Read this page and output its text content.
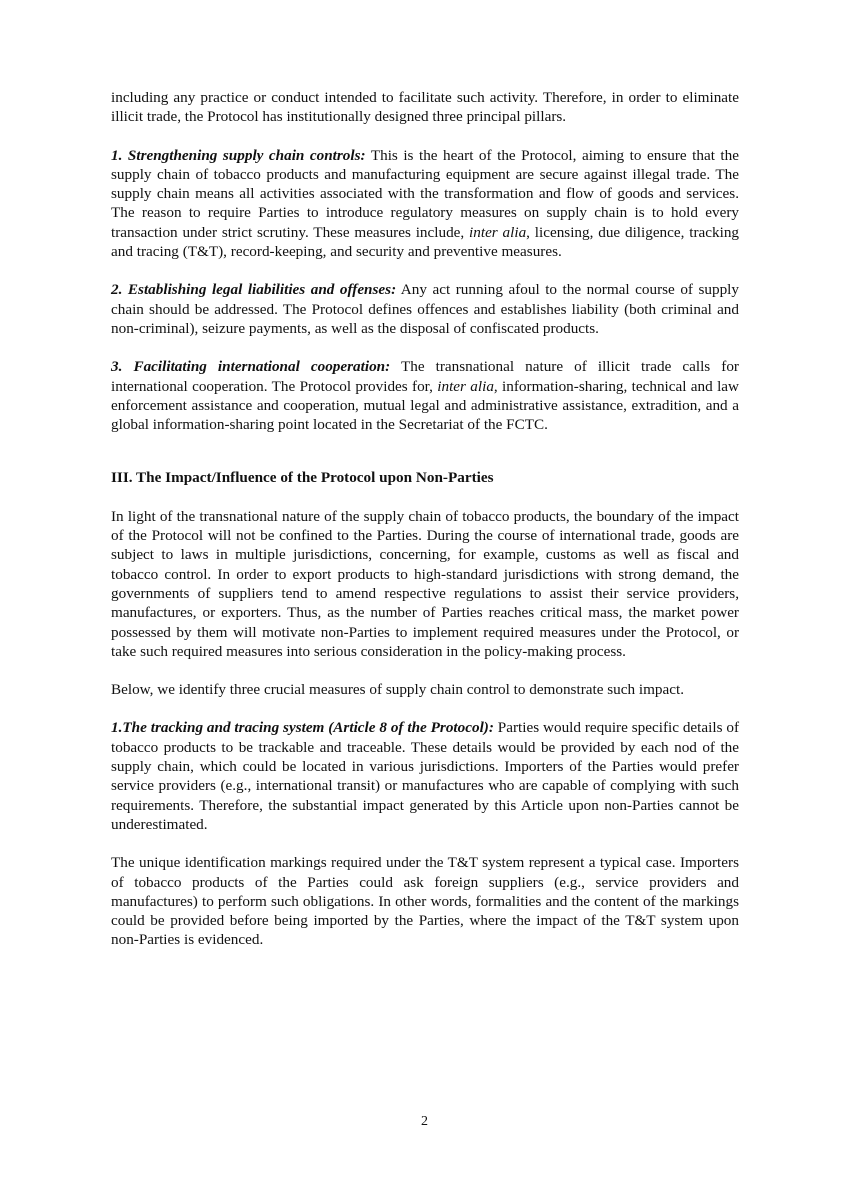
including any practice or conduct intended to facilitate such activity. Therefore, in order to eliminate illicit trade, the Protocol has institutionally designed three principal pillars.

1. Strengthening supply chain controls: This is the heart of the Protocol, aiming to ensure that the supply chain of tobacco products and manufacturing equipment are secure against illegal trade. The supply chain means all activities associated with the transformation and flow of goods and services. The reason to require Parties to introduce regulatory measures on supply chain is to hold every transaction under strict scrutiny. These measures include, inter alia, licensing, due diligence, tracking and tracing (T&T), record-keeping, and security and preventive measures.

2. Establishing legal liabilities and offenses: Any act running afoul to the normal course of supply chain should be addressed. The Protocol defines offences and establishes liability (both criminal and non-criminal), seizure payments, as well as the disposal of confiscated products.

3. Facilitating international cooperation: The transnational nature of illicit trade calls for international cooperation. The Protocol provides for, inter alia, information-sharing, technical and law enforcement assistance and cooperation, mutual legal and administrative assistance, extradition, and a global information-sharing point located in the Secretariat of the FCTC.

III. The Impact/Influence of the Protocol upon Non-Parties

In light of the transnational nature of the supply chain of tobacco products, the boundary of the impact of the Protocol will not be confined to the Parties. During the course of international trade, goods are subject to laws in multiple jurisdictions, concerning, for example, customs as well as fiscal and tobacco control. In order to export products to high-standard jurisdictions with strong demand, the governments of suppliers tend to amend respective regulations to assist their service providers, manufactures, or exporters. Thus, as the number of Parties reaches critical mass, the market power possessed by them will motivate non-Parties to implement required measures under the Protocol, or take such required measures into serious consideration in the policy-making process.

Below, we identify three crucial measures of supply chain control to demonstrate such impact.

1.The tracking and tracing system (Article 8 of the Protocol): Parties would require specific details of tobacco products to be trackable and traceable. These details would be provided by each nod of the supply chain, which could be located in various jurisdictions. Importers of the Parties would prefer service providers (e.g., international transit) or manufactures who are capable of complying with such requirements. Therefore, the substantial impact generated by this Article upon non-Parties cannot be underestimated.

The unique identification markings required under the T&T system represent a typical case. Importers of tobacco products of the Parties could ask foreign suppliers (e.g., service providers and manufactures) to perform such obligations. In other words, formalities and the content of the markings could be provided before being imported by the Parties, where the impact of the T&T system upon non-Parties is evidenced.

2
